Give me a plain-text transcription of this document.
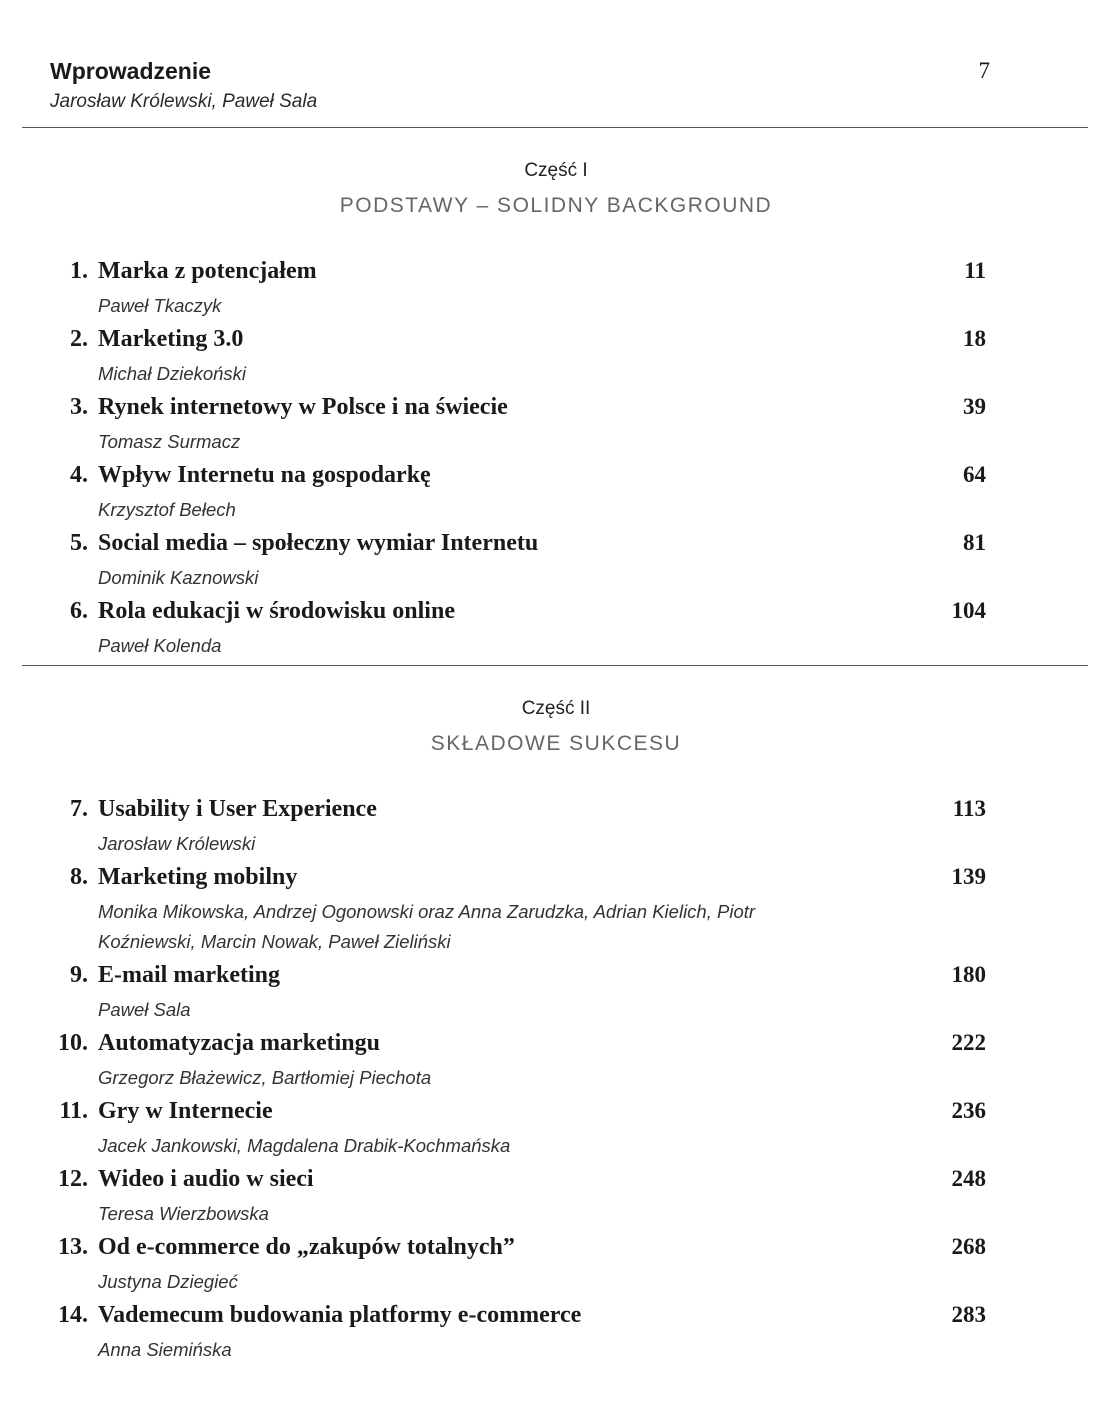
Wprowadzenie	7
Jarosław Królewski, Paweł Sala
Część I
PODSTAWY – SOLIDNY BACKGROUND
1. Marka z potencjałem	11
Paweł Tkaczyk
2. Marketing 3.0	18
Michał Dziekoński
3. Rynek internetowy w Polsce i na świecie	39
Tomasz Surmacz
4. Wpływ Internetu na gospodarkę	64
Krzysztof Bełech
5. Social media – społeczny wymiar Internetu	81
Dominik Kaznowski
6. Rola edukacji w środowisku online	104
Paweł Kolenda
Część II
SKŁADOWE SUKCESU
7. Usability i User Experience	113
Jarosław Królewski
8. Marketing mobilny	139
Monika Mikowska, Andrzej Ogonowski oraz Anna Zarudzka, Adrian Kielich, Piotr Koźniewski, Marcin Nowak, Paweł Zieliński
9. E-mail marketing	180
Paweł Sala
10. Automatyzacja marketingu	222
Grzegorz Błażewicz, Bartłomiej Piechota
11. Gry w Internecie	236
Jacek Jankowski, Magdalena Drabik-Kochmańska
12. Wideo i audio w sieci	248
Teresa Wierzbowska
13. Od e-commerce do „zakupów totalnych”	268
Justyna Dziegieć
14. Vademecum budowania platformy e-commerce	283
Anna Siemińska
